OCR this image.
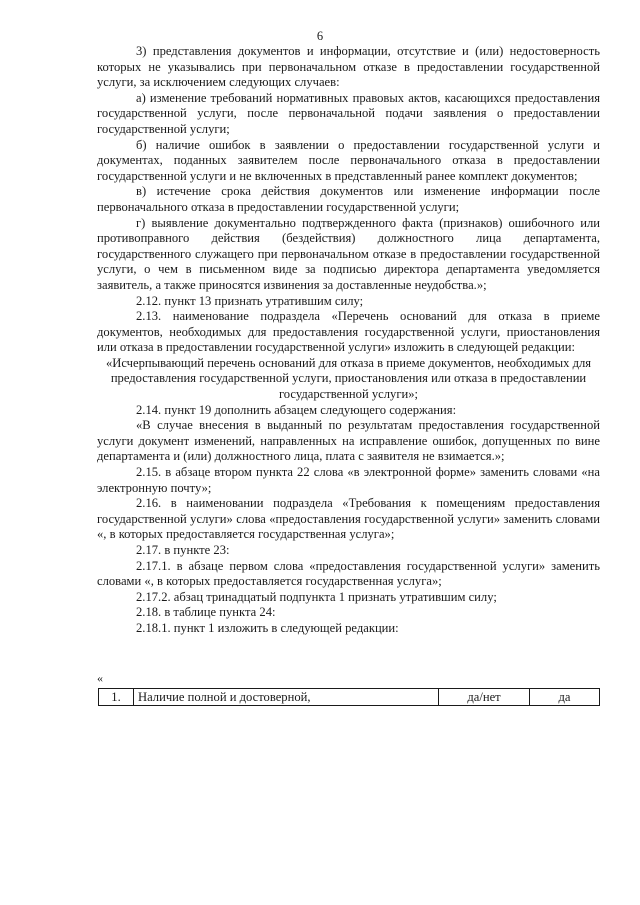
6

3) представления документов и информации, отсутствие и (или) недостоверность которых не указывались при первоначальном отказе в предоставлении государственной услуги, за исключением следующих случаев:

а) изменение требований нормативных правовых актов, касающихся предоставления государственной услуги, после первоначальной подачи заявления о предоставлении государственной услуги;

б) наличие ошибок в заявлении о предоставлении государственной услуги и документах, поданных заявителем после первоначального отказа в предоставлении государственной услуги и не включенных в представленный ранее комплект документов;

в) истечение срока действия документов или изменение информации после первоначального отказа в предоставлении государственной услуги;

г) выявление документально подтвержденного факта (признаков) ошибочного или противоправного действия (бездействия) должностного лица департамента, государственного служащего при первоначальном отказе в предоставлении государственной услуги, о чем в письменном виде за подписью директора департамента уведомляется заявитель, а также приносятся извинения за доставленные неудобства.»;

2.12. пункт 13 признать утратившим силу;

2.13. наименование подраздела «Перечень оснований для отказа в приеме документов, необходимых для предоставления государственной услуги, приостановления или отказа в предоставлении государственной услуги» изложить в следующей редакции:

«Исчерпывающий перечень оснований для отказа в приеме документов, необходимых для предоставления государственной услуги, приостановления или отказа в предоставлении государственной услуги»;

2.14. пункт 19 дополнить абзацем следующего содержания:

«В случае внесения в выданный по результатам предоставления государственной услуги документ изменений, направленных на исправление ошибок, допущенных по вине департамента и (или) должностного лица, плата с заявителя не взимается.»;

2.15. в абзаце втором пункта 22 слова «в электронной форме» заменить словами «на электронную почту»;

2.16. в наименовании подраздела «Требования к помещениям предоставления государственной услуги» слова «предоставления государственной услуги» заменить словами «, в которых предоставляется государственная услуга»;

2.17. в пункте 23:

2.17.1. в абзаце первом слова «предоставления государственной услуги» заменить словами «, в которых предоставляется государственная услуга»;

2.17.2. абзац тринадцатый подпункта 1 признать утратившим силу;

2.18. в таблице пункта 24:

2.18.1. пункт 1 изложить в следующей редакции:

«
1.	Наличие полной и достоверной,	да/нет	да
